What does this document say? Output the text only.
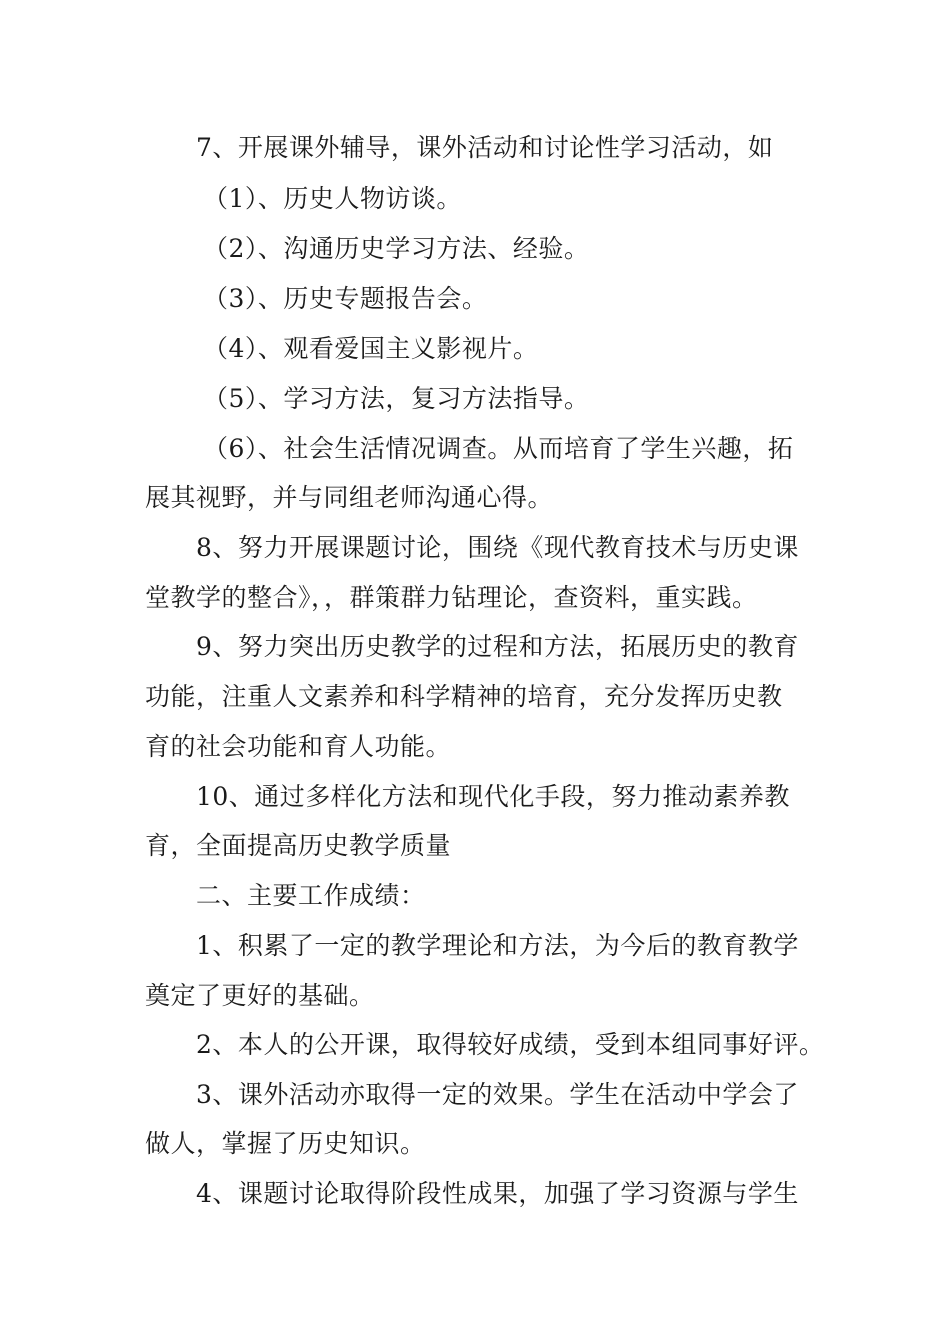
7、开展课外辅导，课外活动和讨论性学习活动，如
（1）、历史人物访谈。
（2）、沟通历史学习方法、经验。
（3）、历史专题报告会。
（4）、观看爱国主义影视片。
（5）、学习方法，复习方法指导。
（6）、社会生活情况调查。从而培育了学生兴趣，拓
展其视野，并与同组老师沟通心得。
8、努力开展课题讨论，围绕《现代教育技术与历史课
堂教学的整合》，，群策群力钻理论，查资料，重实践。
9、努力突出历史教学的过程和方法，拓展历史的教育
功能，注重人文素养和科学精神的培育，充分发挥历史教
育的社会功能和育人功能。
10、通过多样化方法和现代化手段，努力推动素养教
育，全面提高历史教学质量
二、主要工作成绩：
1、积累了一定的教学理论和方法，为今后的教育教学
奠定了更好的基础。
2、本人的公开课，取得较好成绩，受到本组同事好评。
3、课外活动亦取得一定的效果。学生在活动中学会了
做人，掌握了历史知识。
4、课题讨论取得阶段性成果，加强了学习资源与学生
